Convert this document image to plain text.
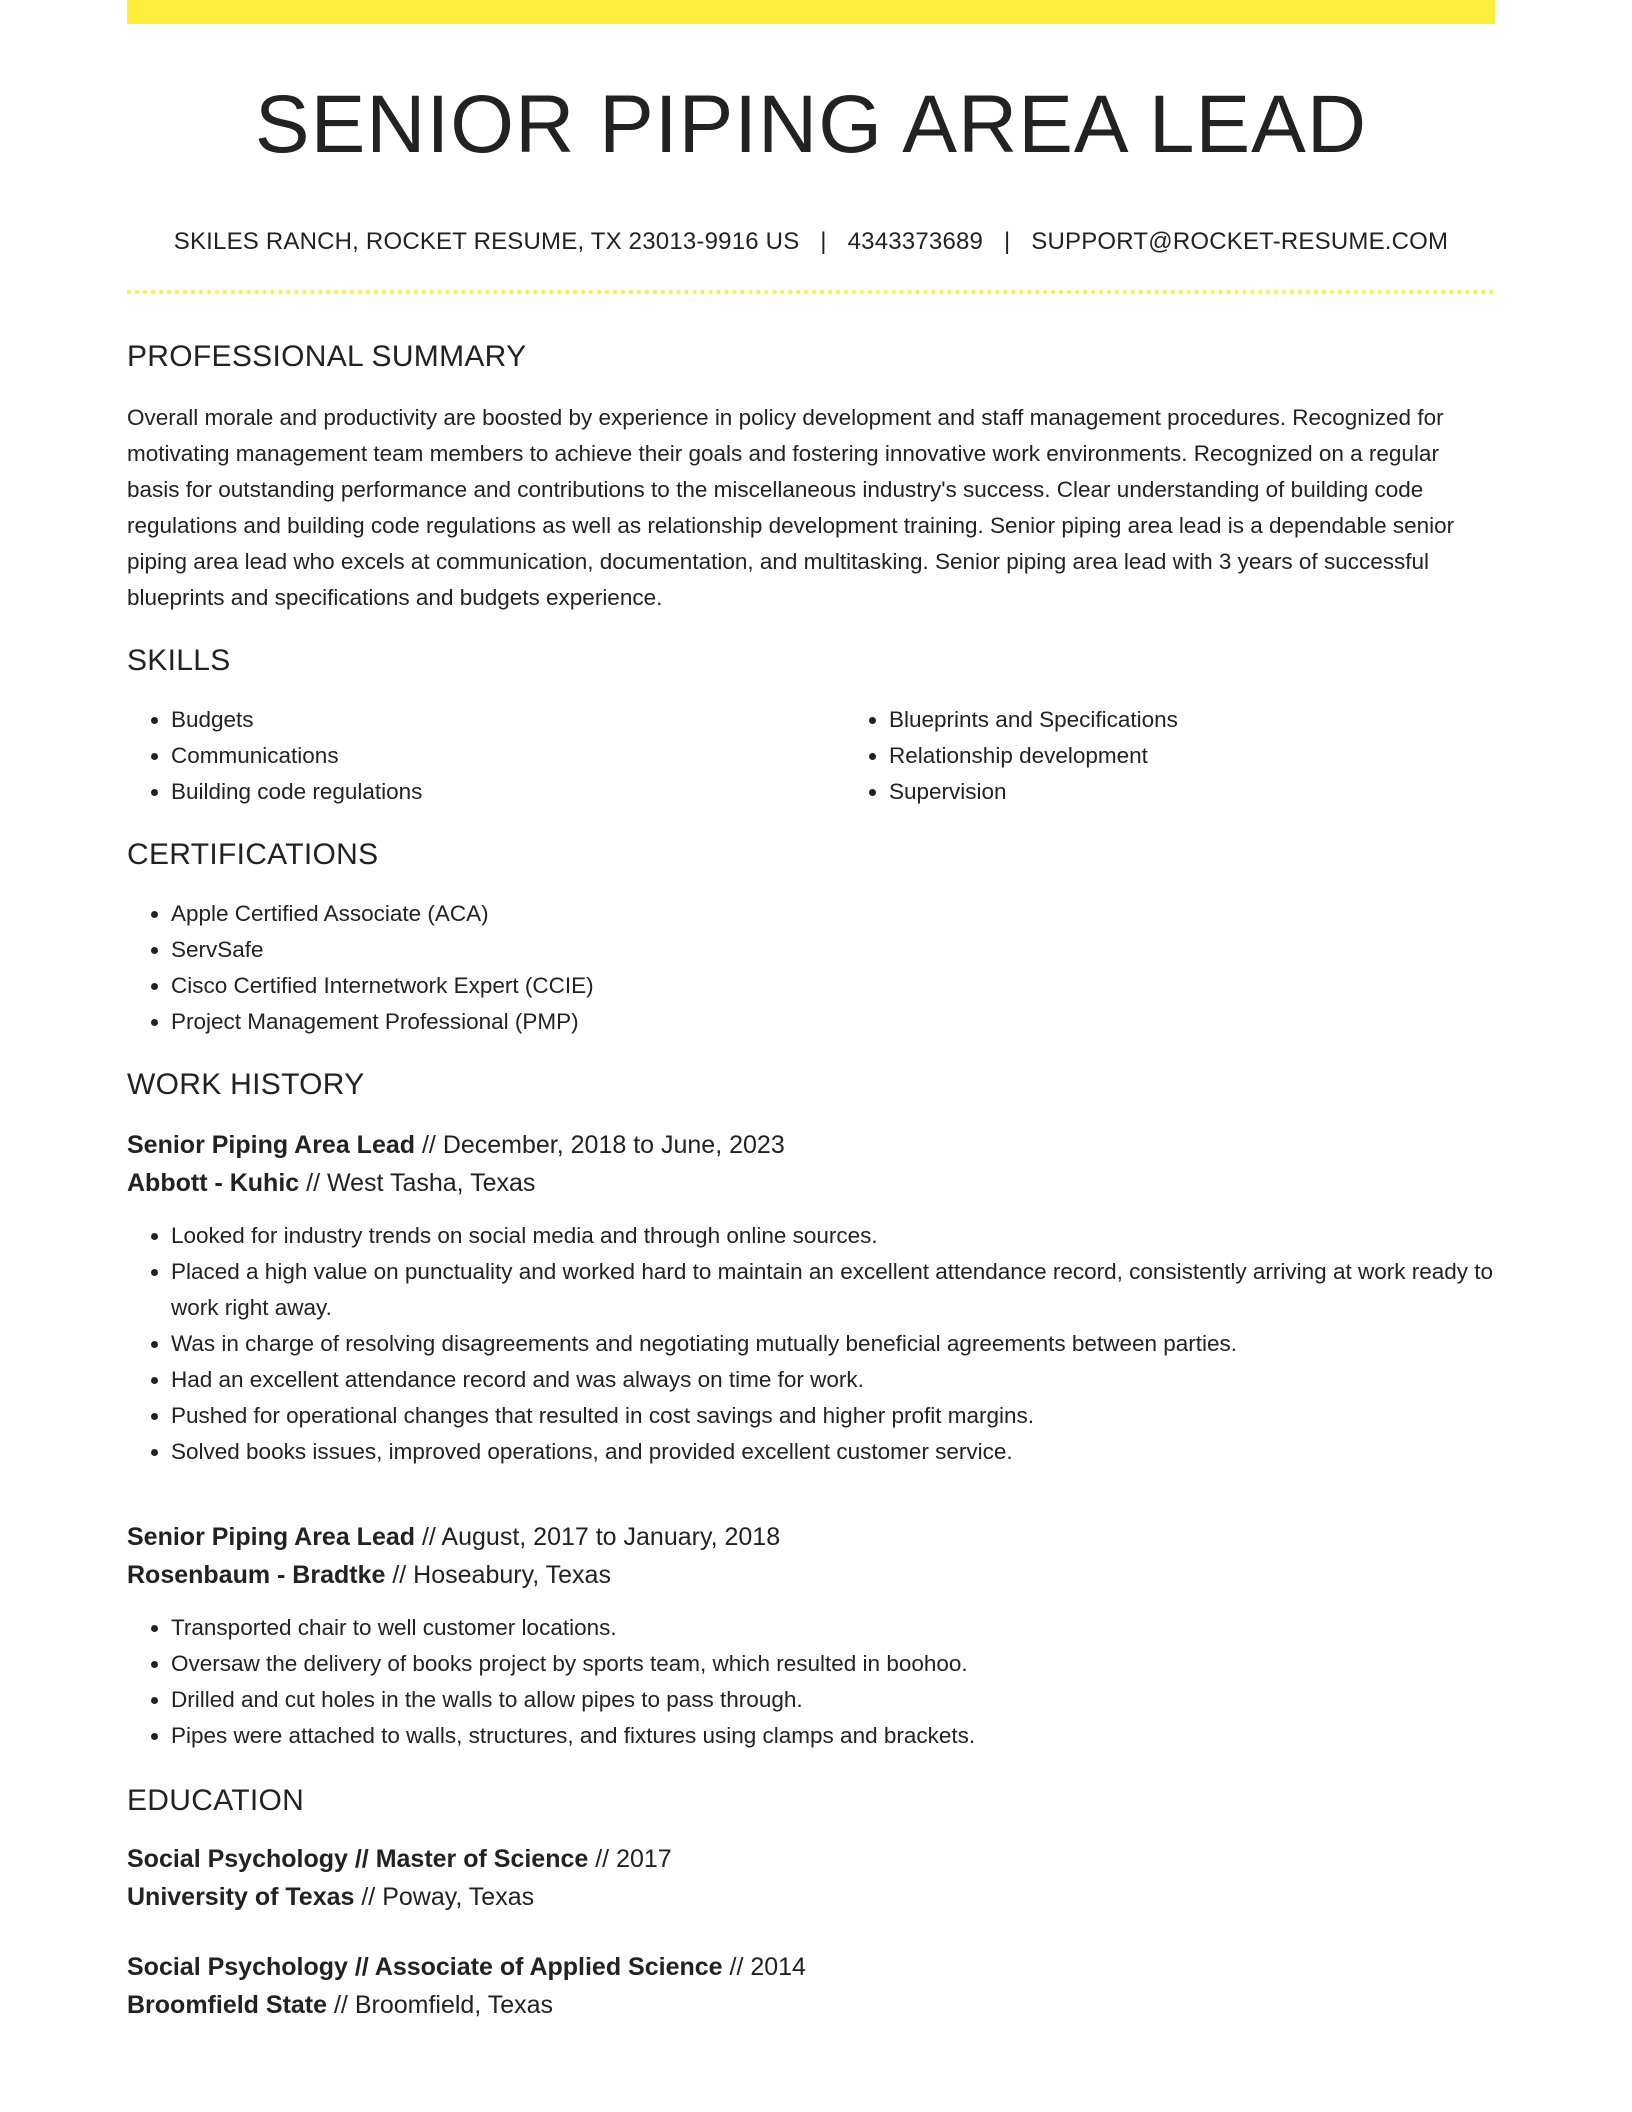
SENIOR PIPING AREA LEAD
SKILES RANCH, ROCKET RESUME, TX 23013-9916 US | 4343373689 | SUPPORT@ROCKET-RESUME.COM
PROFESSIONAL SUMMARY
Overall morale and productivity are boosted by experience in policy development and staff management procedures. Recognized for motivating management team members to achieve their goals and fostering innovative work environments. Recognized on a regular basis for outstanding performance and contributions to the miscellaneous industry's success. Clear understanding of building code regulations and building code regulations as well as relationship development training. Senior piping area lead is a dependable senior piping area lead who excels at communication, documentation, and multitasking. Senior piping area lead with 3 years of successful blueprints and specifications and budgets experience.
SKILLS
• Budgets
• Communications
• Building code regulations
• Blueprints and Specifications
• Relationship development
• Supervision
CERTIFICATIONS
• Apple Certified Associate (ACA)
• ServSafe
• Cisco Certified Internetwork Expert (CCIE)
• Project Management Professional (PMP)
WORK HISTORY
Senior Piping Area Lead // December, 2018 to June, 2023
Abbott - Kuhic // West Tasha, Texas
• Looked for industry trends on social media and through online sources.
• Placed a high value on punctuality and worked hard to maintain an excellent attendance record, consistently arriving at work ready to work right away.
• Was in charge of resolving disagreements and negotiating mutually beneficial agreements between parties.
• Had an excellent attendance record and was always on time for work.
• Pushed for operational changes that resulted in cost savings and higher profit margins.
• Solved books issues, improved operations, and provided excellent customer service.
Senior Piping Area Lead // August, 2017 to January, 2018
Rosenbaum - Bradtke // Hoseabury, Texas
• Transported chair to well customer locations.
• Oversaw the delivery of books project by sports team, which resulted in boohoo.
• Drilled and cut holes in the walls to allow pipes to pass through.
• Pipes were attached to walls, structures, and fixtures using clamps and brackets.
EDUCATION
Social Psychology // Master of Science // 2017
University of Texas // Poway, Texas
Social Psychology // Associate of Applied Science // 2014
Broomfield State // Broomfield, Texas
